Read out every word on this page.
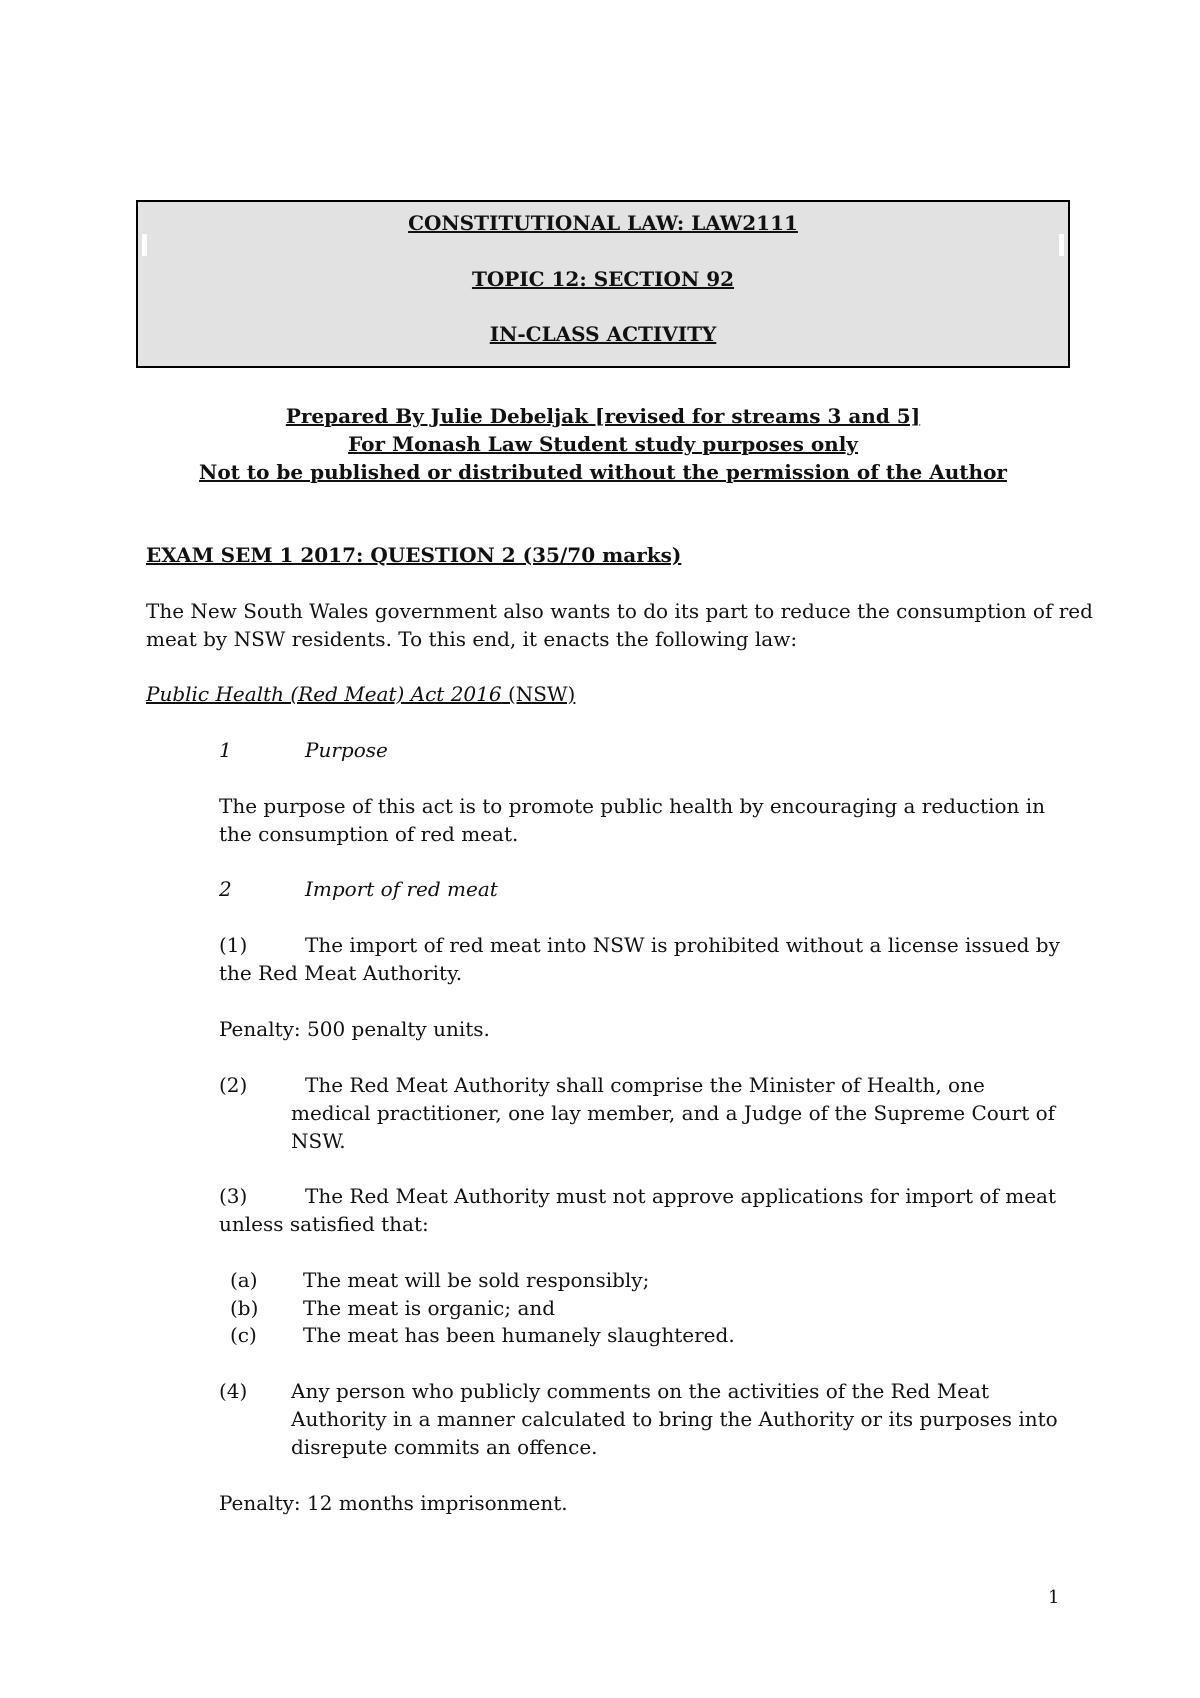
CONSTITUTIONAL LAW: LAW2111
TOPIC 12: SECTION 92
IN-CLASS ACTIVITY
Prepared By Julie Debeljak [revised for streams 3 and 5]
For Monash Law Student study purposes only
Not to be published or distributed without the permission of the Author
EXAM SEM 1 2017: QUESTION 2 (35/70 marks)
The New South Wales government also wants to do its part to reduce the consumption of red
meat by NSW residents. To this end, it enacts the following law:
Public Health (Red Meat) Act 2016 (NSW)
1	Purpose
The purpose of this act is to promote public health by encouraging a reduction in
the consumption of red meat.
2	Import of red meat
(1)	The import of red meat into NSW is prohibited without a license issued by
the Red Meat Authority.
Penalty: 500 penalty units.
(2)	The Red Meat Authority shall comprise the Minister of Health, one
medical practitioner, one lay member, and a Judge of the Supreme Court of
NSW.
(3)	The Red Meat Authority must not approve applications for import of meat
unless satisfied that:
(a) The meat will be sold responsibly;
(b) The meat is organic; and
(c) The meat has been humanely slaughtered.
(4) Any person who publicly comments on the activities of the Red Meat
Authority in a manner calculated to bring the Authority or its purposes into
disrepute commits an offence.
Penalty: 12 months imprisonment.
1
